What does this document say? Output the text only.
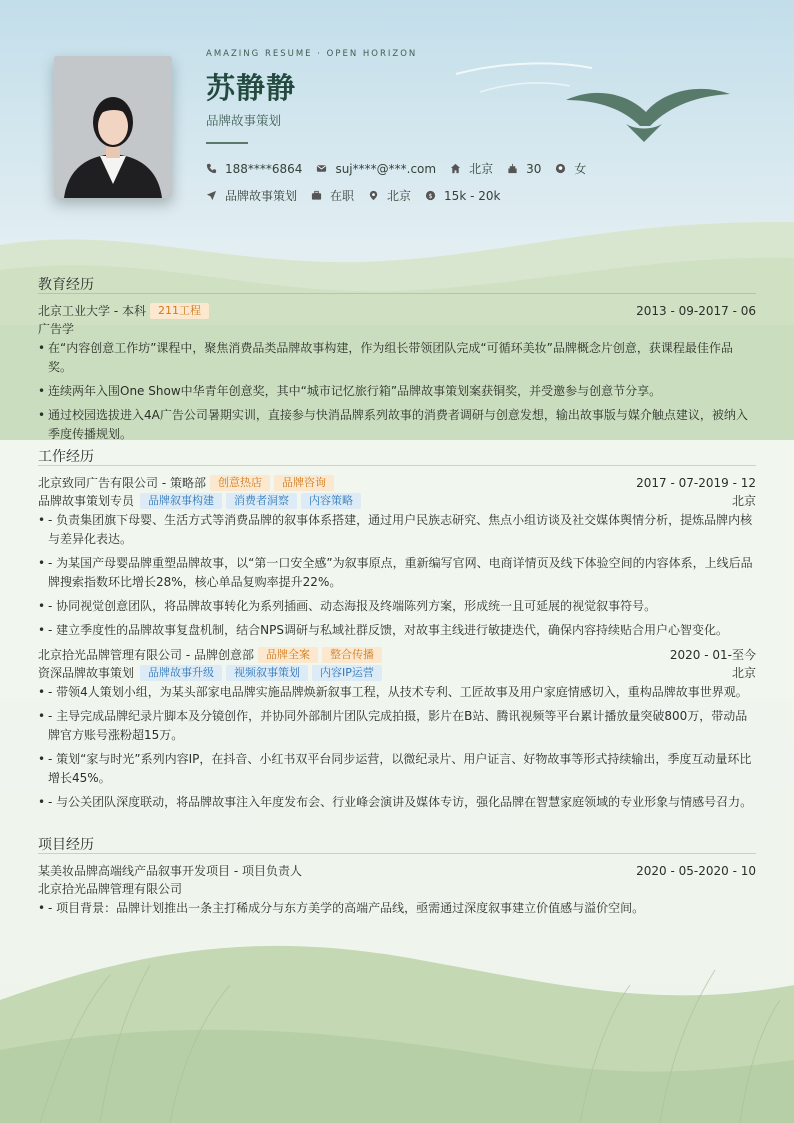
AMAZING RESUME · OPEN HORIZON
苏静静
品牌故事策划
188****6864	suj****@***.com	北京	30	女
品牌故事策划	在职	北京 $ 15k - 20k
教育经历
北京工业大学 - 本科	211工程	2013 - 09-2017 - 06
广告学
• 在“内容创意工作坊”课程中，聚焦消费品类品牌故事构建，作为组长带领团队完成“可循环美妆”品牌概念片创意，获课程最佳作品奖。
• 连续两年入围One Show中华青年创意奖，其中“城市记忆旅行箱”品牌故事策划案获铜奖，并受邀参与创意节分享。
• 通过校园选拔进入4A广告公司暑期实训，直接参与快消品牌系列故事的消费者调研与创意发想，输出故事版与媒介触点建议，被纳入季度传播规划。
工作经历
北京致同广告有限公司 - 策略部	创意热店	品牌咨询	2017 - 07-2019 - 12
品牌故事策划专员	品牌叙事构建	消费者洞察	内容策略	北京
• - 负责集团旗下母婴、生活方式等消费品牌的叙事体系搭建，通过用户民族志研究、焦点小组访谈及社交媒体舆情分析，提炼品牌内核与差异化表达。
• - 为某国产母婴品牌重塑品牌故事，以“第一口安全感”为叙事原点，重新编写官网、电商详情页及线下体验空间的内容体系，上线后品牌搜索指数环比增长28%，核心单品复购率提升22%。
• - 协同视觉创意团队，将品牌故事转化为系列插画、动态海报及终端陈列方案，形成统一且可延展的视觉叙事符号。
• - 建立季度性的品牌故事复盘机制，结合NPS调研与私域社群反馈，对故事主线进行敏捷迭代，确保内容持续贴合用户心智变化。
北京拾光品牌管理有限公司 - 品牌创意部	品牌全案	整合传播	2020 - 01-至今
资深品牌故事策划	品牌故事升级	视频叙事策划	内容IP运营	北京
• - 带领4人策划小组，为某头部家电品牌实施品牌焕新叙事工程，从技术专利、工匠故事及用户家庭情感切入，重构品牌故事世界观。
• - 主导完成品牌纪录片脚本及分镜创作，并协同外部制片团队完成拍摄，影片在B站、腾讯视频等平台累计播放量突破800万，带动品牌官方账号涨粉超15万。
• - 策划“家与时光”系列内容IP，在抖音、小红书双平台同步运营，以微纪录片、用户证言、好物故事等形式持续输出，季度互动量环比增长45%。
• - 与公关团队深度联动，将品牌故事注入年度发布会、行业峰会演讲及媒体专访，强化品牌在智慧家庭领域的专业形象与情感号召力。
项目经历
某美妆品牌高端线产品叙事开发项目 - 项目负责人	2020 - 05-2020 - 10
北京拾光品牌管理有限公司
• - 项目背景：品牌计划推出一条主打稀成分与东方美学的高端产品线，亟需通过深度叙事建立价值感与溢价空间。
